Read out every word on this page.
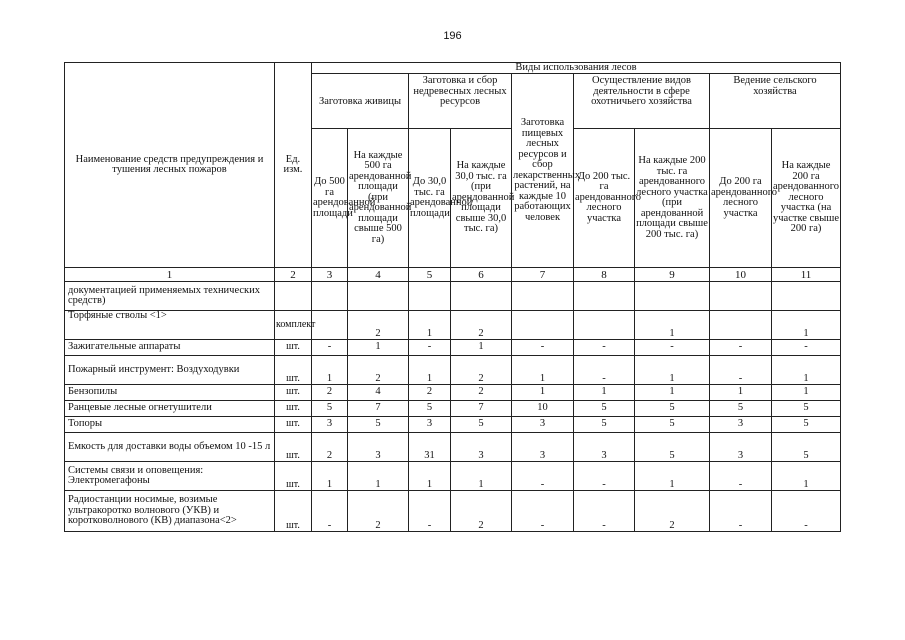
196
Наименование средств предупреждения и тушения лесных пожаров	Ед. изм.	Виды использования лесов								
		Заготовка живицы		Заготовка и сбор недревесных лесных ресурсов		Заготовка пищевых лесных ресурсов и сбор лекарственных растений, на каждые 10 работающих человек	Осуществление видов деятельности в сфере охотничьего хозяйства		Ведение сельского хозяйства	
		До 500 га арендованной площади	На каждые 500 га арендованной площади (при арендованной площади свыше 500 га)	До 30,0 тыс. га арендованной площади	На каждые 30,0 тыс. га (при арендованной площади свыше 30,0 тыс. га)		До 200 тыс. га арендованного лесного участка	На каждые 200 тыс. га арендованного лесного участка (при арендованной площади свыше 200 тыс. га)	До 200 га арендованного лесного участка	На каждые 200 га арендованного лесного участка (на участке свыше 200 га)
1	2	3	4	5	6	7	8	9	10	11
документацией применяемых технических средств)										
Торфяные стволы <1>	комплект		2	1	2			1		1
Зажигательные аппараты	шт.	-	1	-	1	-	-	-	-	-
Пожарный инструмент: Воздуходувки	шт.	1	2	1	2	1	-	1	-	1
Бензопилы	шт.	2	4	2	2	1	1	1	1	1
Ранцевые лесные огнетушители	шт.	5	7	5	7	10	5	5	5	5
Топоры	шт.	3	5	3	5	3	5	5	3	5
Емкость для доставки воды объемом 10 -15 л	шт.	2	3	31	3	3	3	5	3	5
Системы связи и оповещения: Электромегафоны	шт.	1	1	1	1	-	-	1	-	1
Радиостанции носимые, возимые ультракоротко волнового (УКВ) и коротковолнового (КВ) диапазона<2>	шт.	-	2	-	2	-	-	2	-	-
